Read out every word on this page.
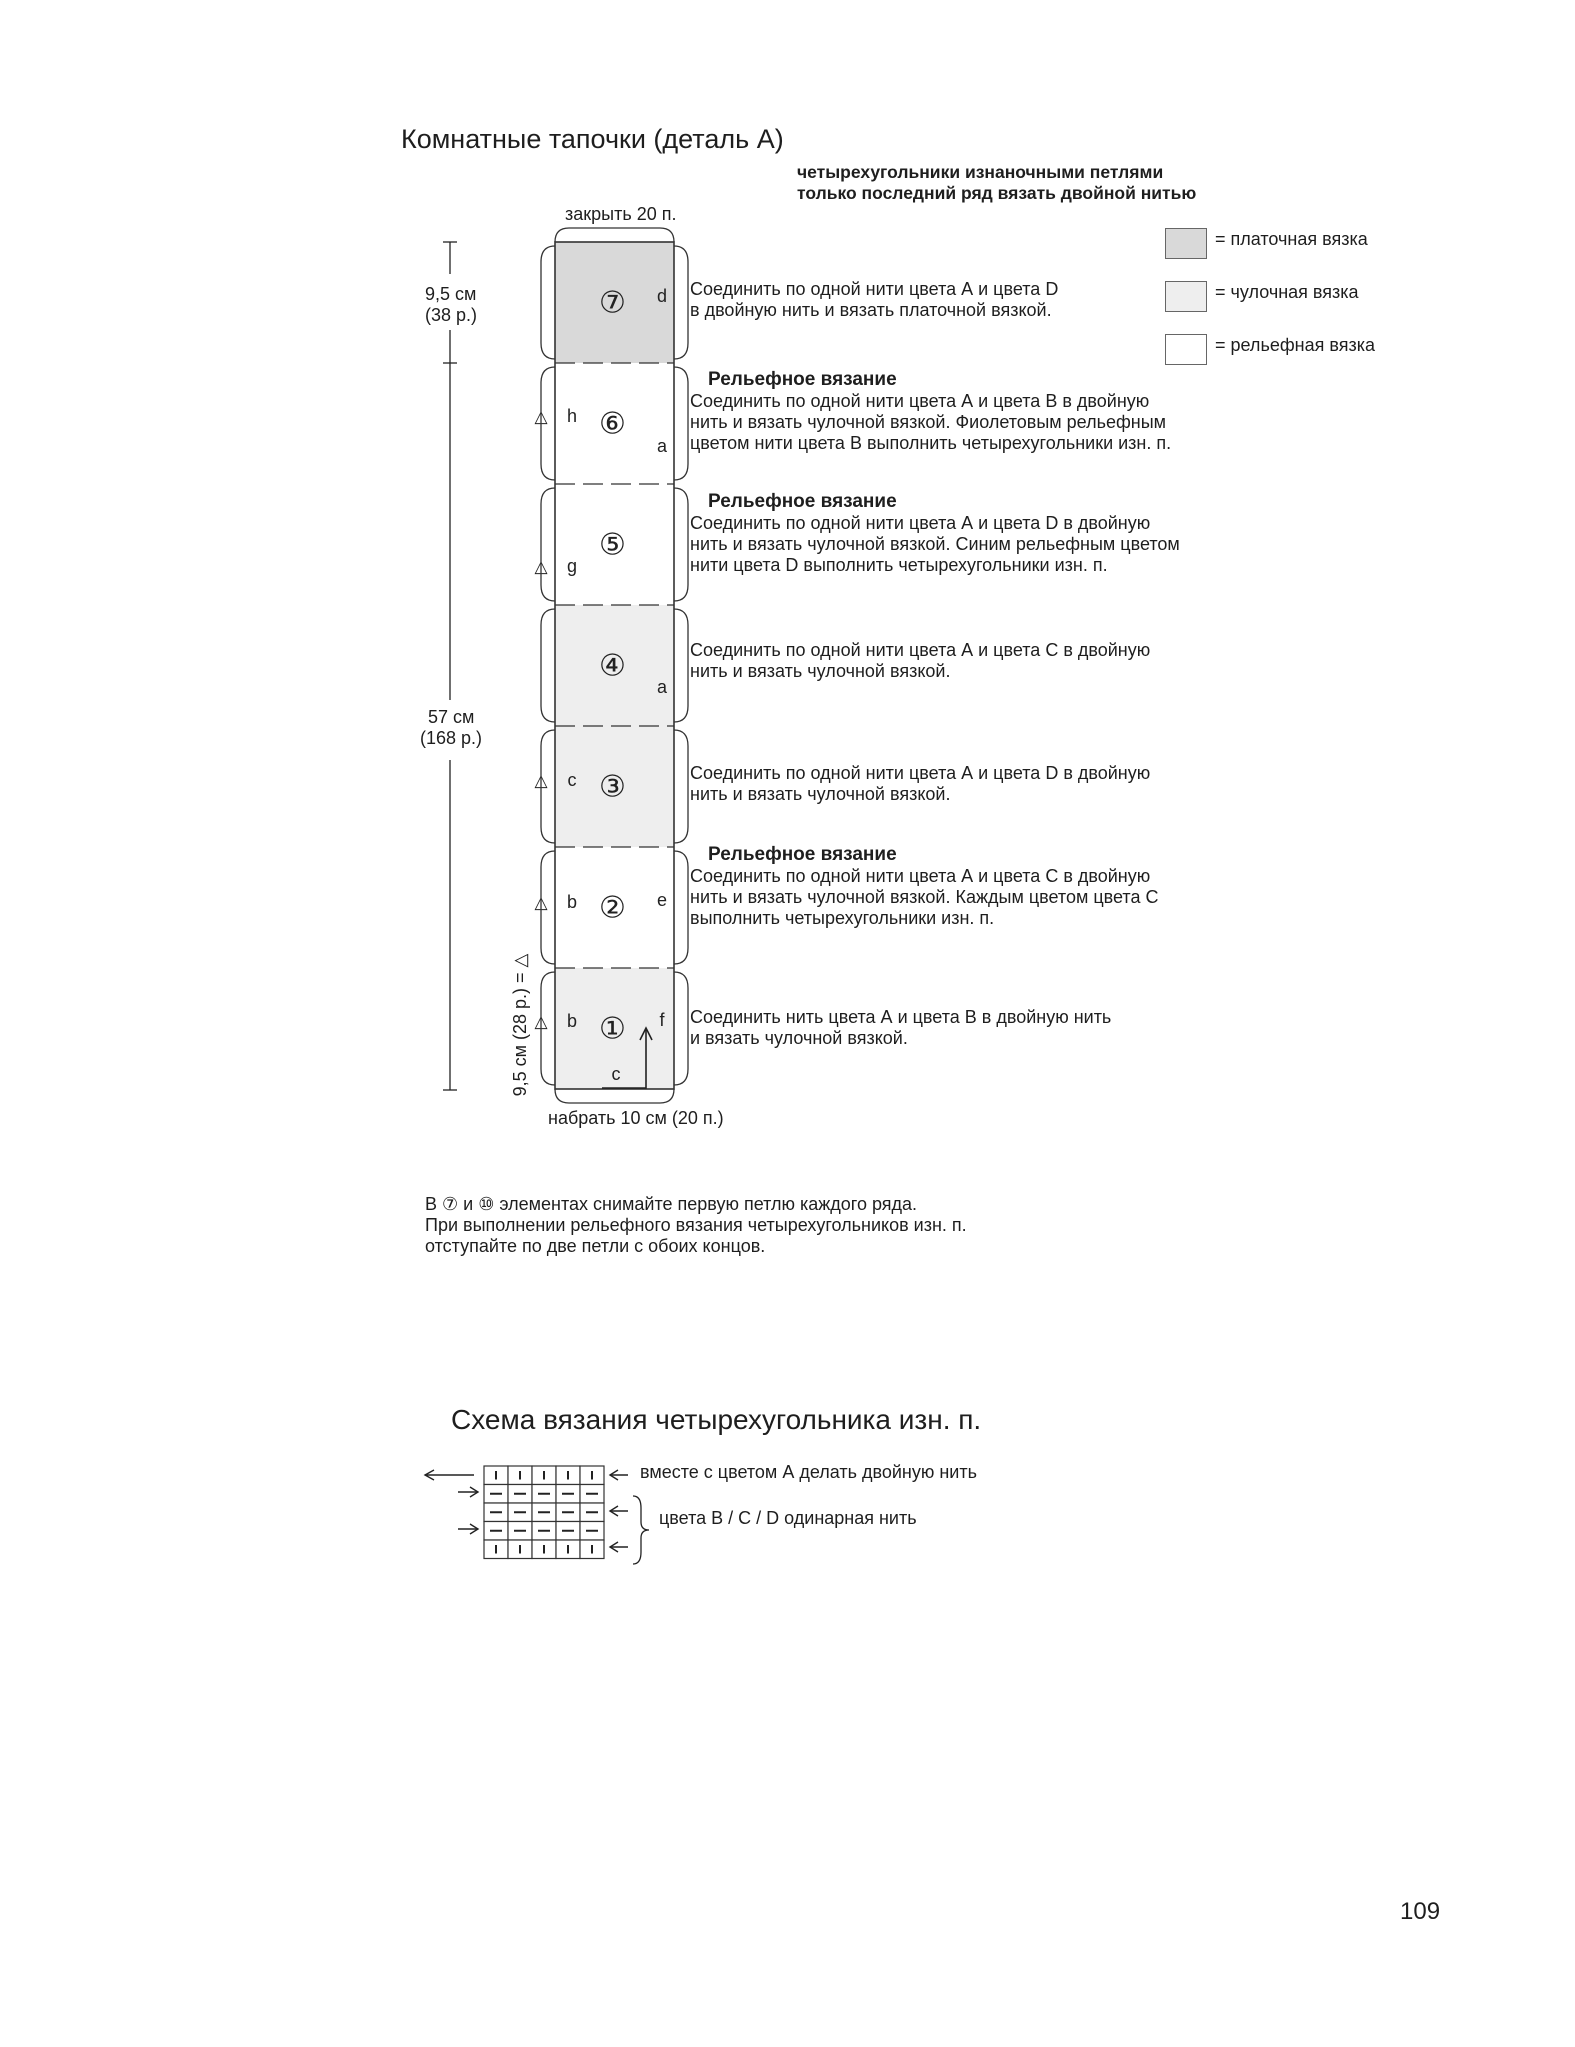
Комнатные тапочки (деталь А)
четырехугольники изнаночными петлями
только последний ряд вязать двойной нитью
закрыть 20 п.
9,5 см
(38 р.)
57 см
(168 р.)
набрать 10 см (20 п.)
9,5 см (28 р.) = △
⑦ d
⑥
h
△
a
⑤
g
△
④
a
③
c
△
②
b
△	e
①
b
△	f
c
Соединить по одной нити цвета А и цвета D
в двойную нить и вязать платочной вязкой.
Рельефное вязание
Соединить по одной нити цвета А и цвета В в двойную
нить и вязать чулочной вязкой. Фиолетовым рельефным
цветом нити цвета В выполнить четырехугольники изн. п.
Рельефное вязание
Соединить по одной нити цвета А и цвета D в двойную
нить и вязать чулочной вязкой. Синим рельефным цветом
нити цвета D выполнить четырехугольники изн. п.
Соединить по одной нити цвета А и цвета С в двойную
нить и вязать чулочной вязкой.
Соединить по одной нити цвета А и цвета D в двойную
нить и вязать чулочной вязкой.
Рельефное вязание
Соединить по одной нити цвета А и цвета С в двойную
нить и вязать чулочной вязкой. Каждым цветом цвета С
выполнить четырехугольники изн. п.
Соединить нить цвета А и цвета В в двойную нить
и вязать чулочной вязкой.
= платочная вязка
= чулочная вязка
= рельефная вязка
В ⑦ и ⑩ элементах снимайте первую петлю каждого ряда.
При выполнении рельефного вязания четырехугольников изн. п.
отступайте по две петли с обоих концов.
Схема вязания четырехугольника изн. п.
вместе с цветом А делать двойную нить
цвета B / C / D одинарная нить
109
